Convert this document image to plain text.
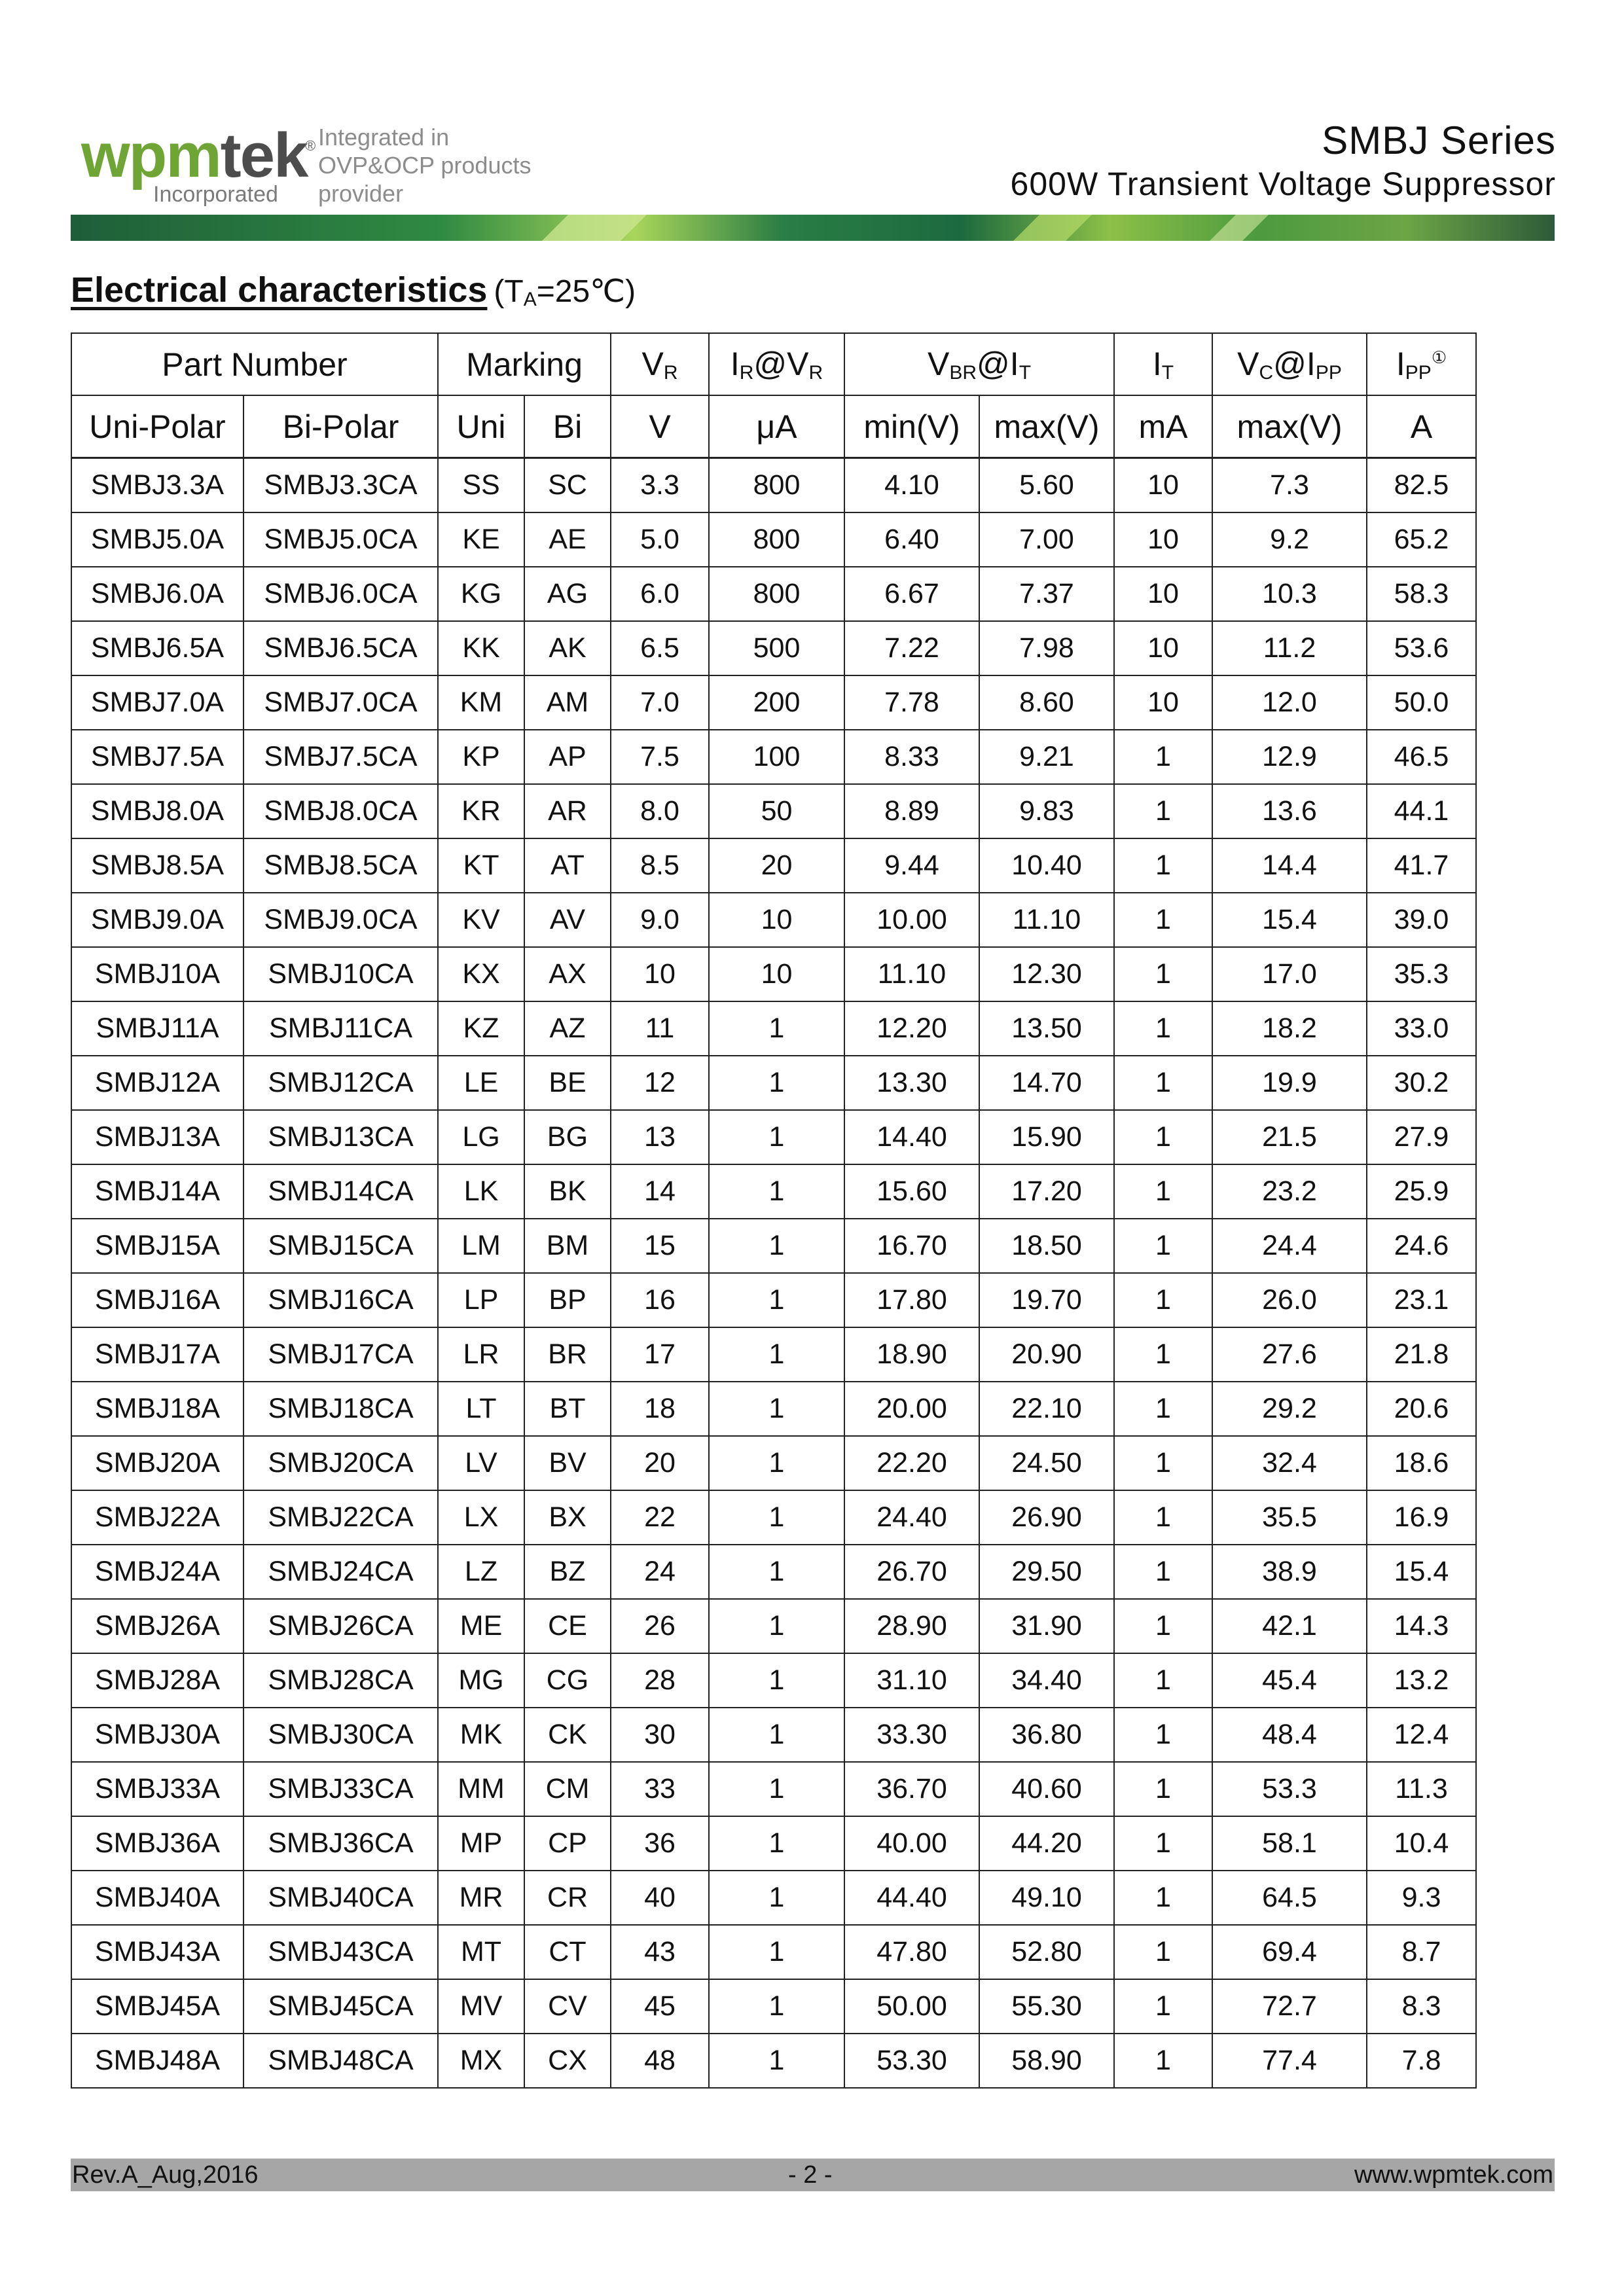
wpmtek
®
Incorporated
Integrated in
OVP&OCP products
provider
SMBJ Series
600W Transient Voltage Suppressor
Electrical characteristics $(T_A=25℃)$
Part Number		Marking		$V_R$	$I_R@V_R$	$V_{BR}@I_T$		$I_T$	$V_C@I_{PP}$	$I_{PP}^①$
Uni-Polar	Bi-Polar	Uni	Bi	V	μA	min(V)	max(V)	mA	max(V)	A
SMBJ3.3A	SMBJ3.3CA	SS	SC	3.3	800	4.10	5.60	10	7.3	82.5
SMBJ5.0A	SMBJ5.0CA	KE	AE	5.0	800	6.40	7.00	10	9.2	65.2
SMBJ6.0A	SMBJ6.0CA	KG	AG	6.0	800	6.67	7.37	10	10.3	58.3
SMBJ6.5A	SMBJ6.5CA	KK	AK	6.5	500	7.22	7.98	10	11.2	53.6
SMBJ7.0A	SMBJ7.0CA	KM	AM	7.0	200	7.78	8.60	10	12.0	50.0
SMBJ7.5A	SMBJ7.5CA	KP	AP	7.5	100	8.33	9.21	1	12.9	46.5
SMBJ8.0A	SMBJ8.0CA	KR	AR	8.0	50	8.89	9.83	1	13.6	44.1
SMBJ8.5A	SMBJ8.5CA	KT	AT	8.5	20	9.44	10.40	1	14.4	41.7
SMBJ9.0A	SMBJ9.0CA	KV	AV	9.0	10	10.00	11.10	1	15.4	39.0
SMBJ10A	SMBJ10CA	KX	AX	10	10	11.10	12.30	1	17.0	35.3
SMBJ11A	SMBJ11CA	KZ	AZ	11	1	12.20	13.50	1	18.2	33.0
SMBJ12A	SMBJ12CA	LE	BE	12	1	13.30	14.70	1	19.9	30.2
SMBJ13A	SMBJ13CA	LG	BG	13	1	14.40	15.90	1	21.5	27.9
SMBJ14A	SMBJ14CA	LK	BK	14	1	15.60	17.20	1	23.2	25.9
SMBJ15A	SMBJ15CA	LM	BM	15	1	16.70	18.50	1	24.4	24.6
SMBJ16A	SMBJ16CA	LP	BP	16	1	17.80	19.70	1	26.0	23.1
SMBJ17A	SMBJ17CA	LR	BR	17	1	18.90	20.90	1	27.6	21.8
SMBJ18A	SMBJ18CA	LT	BT	18	1	20.00	22.10	1	29.2	20.6
SMBJ20A	SMBJ20CA	LV	BV	20	1	22.20	24.50	1	32.4	18.6
SMBJ22A	SMBJ22CA	LX	BX	22	1	24.40	26.90	1	35.5	16.9
SMBJ24A	SMBJ24CA	LZ	BZ	24	1	26.70	29.50	1	38.9	15.4
SMBJ26A	SMBJ26CA	ME	CE	26	1	28.90	31.90	1	42.1	14.3
SMBJ28A	SMBJ28CA	MG	CG	28	1	31.10	34.40	1	45.4	13.2
SMBJ30A	SMBJ30CA	MK	CK	30	1	33.30	36.80	1	48.4	12.4
SMBJ33A	SMBJ33CA	MM	CM	33	1	36.70	40.60	1	53.3	11.3
SMBJ36A	SMBJ36CA	MP	CP	36	1	40.00	44.20	1	58.1	10.4
SMBJ40A	SMBJ40CA	MR	CR	40	1	44.40	49.10	1	64.5	9.3
SMBJ43A	SMBJ43CA	MT	CT	43	1	47.80	52.80	1	69.4	8.7
SMBJ45A	SMBJ45CA	MV	CV	45	1	50.00	55.30	1	72.7	8.3
SMBJ48A	SMBJ48CA	MX	CX	48	1	53.30	58.90	1	77.4	7.8
Rev.A_Aug,2016	- 2 -	www.wpmtek.com
